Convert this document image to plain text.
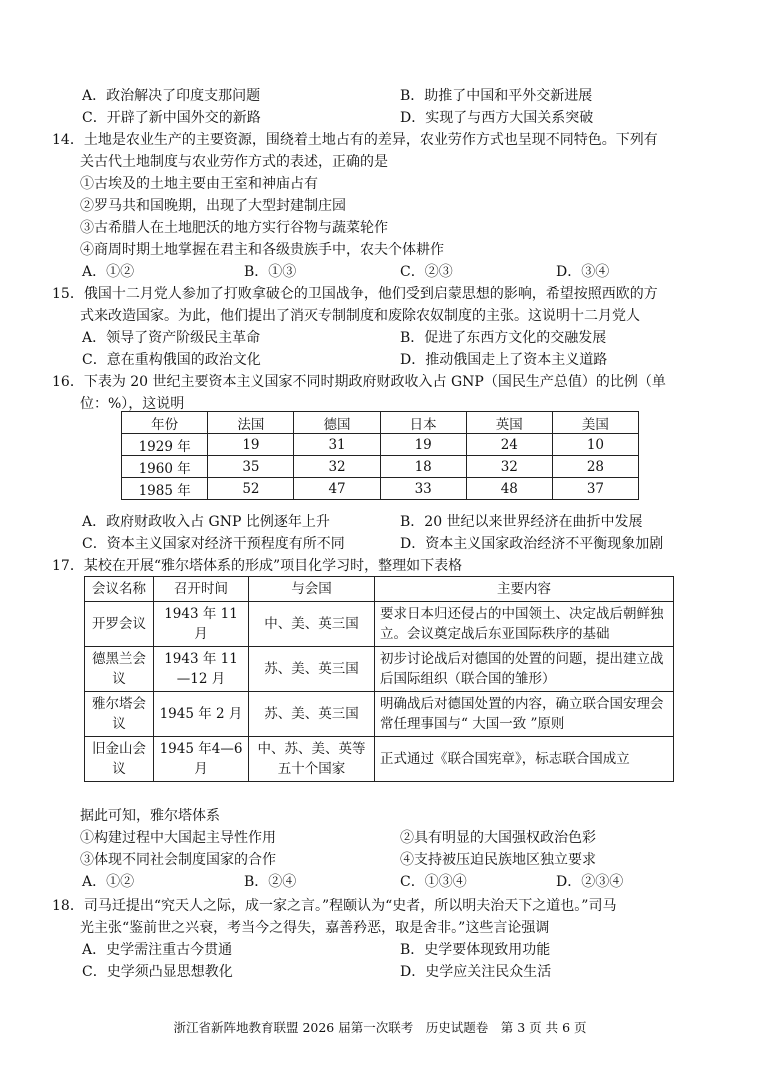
A．政治解决了印度支那问题	B．助推了中国和平外交新进展
C．开辟了新中国外交的新路	D．实现了与西方大国关系突破
14．土地是农业生产的主要资源，围绕着土地占有的差异，农业劳作方式也呈现不同特色。下列有
关古代土地制度与农业劳作方式的表述，正确的是
①古埃及的土地主要由王室和神庙占有
②罗马共和国晚期，出现了大型封建制庄园
③古希腊人在土地肥沃的地方实行谷物与蔬菜轮作
④商周时期土地掌握在君主和各级贵族手中，农夫个体耕作
A．①②	B．①③	C．②③	D．③④
15．俄国十二月党人参加了打败拿破仑的卫国战争，他们受到启蒙思想的影响，希望按照西欧的方
式来改造国家。为此，他们提出了消灭专制制度和废除农奴制度的主张。这说明十二月党人
A．领导了资产阶级民主革命	B．促进了东西方文化的交融发展
C．意在重构俄国的政治文化	D．推动俄国走上了资本主义道路
16．下表为 20 世纪主要资本主义国家不同时期政府财政收入占 GNP（国民生产总值）的比例（单
位：%），这说明
年份	法国	德国	日本	英国	美国
1929 年	19	31	19	24	10
1960 年	35	32	18	32	28
1985 年	52	47	33	48	37
A．政府财政收入占 GNP 比例逐年上升	B．20 世纪以来世界经济在曲折中发展
C．资本主义国家对经济干预程度有所不同	D．资本主义国家政治经济不平衡现象加剧
17．某校在开展“雅尔塔体系的形成”项目化学习时，整理如下表格
会议名称	召开时间	与会国	主要内容
开罗会议	1943 年 11 月	中、美、英三国	要求日本归还侵占的中国领土、决定战后朝鲜独立。会议奠定战后东亚国际秩序的基础
德黑兰会议	1943 年 11—12 月	苏、美、英三国	初步讨论战后对德国的处置的问题，提出建立战后国际组织（联合国的雏形）
雅尔塔会议	1945 年 2 月	苏、美、英三国	明确战后对德国处置的内容，确立联合国安理会常任理事国与“ 大国一致 ”原则
旧金山会议	1945 年4—6 月	中、苏、美、英等五十个国家	正式通过《联合国宪章》，标志联合国成立
据此可知，雅尔塔体系
①构建过程中大国起主导性作用	②具有明显的大国强权政治色彩
③体现不同社会制度国家的合作	④支持被压迫民族地区独立要求
A．①②	B．②④	C．①③④	D．②③④
18．司马迁提出“究天人之际，成一家之言。”程颐认为“史者，所以明夫治天下之道也。”司马
光主张“鉴前世之兴衰，考当今之得失，嘉善矜恶，取是舍非。”这些言论强调
A．史学需注重古今贯通	B．史学要体现致用功能
C．史学须凸显思想教化	D．史学应关注民众生活
浙江省新阵地教育联盟 2026 届第一次联考　历史试题卷　第 3 页 共 6 页
